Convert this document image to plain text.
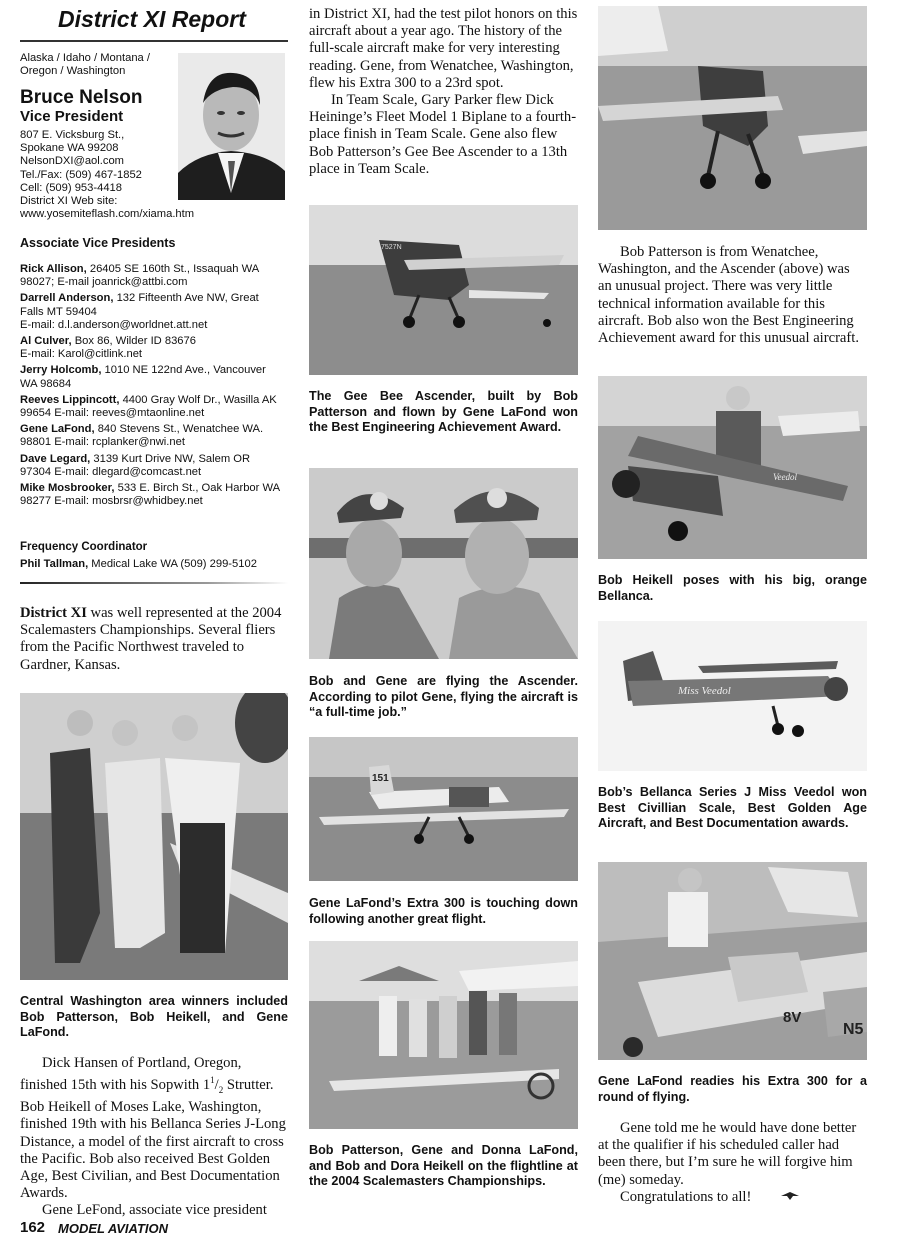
District XI Report
Alaska / Idaho / Montana / Oregon / Washington
Bruce Nelson
Vice President
807 E. Vicksburg St.,
Spokane WA 99208
NelsonDXI@aol.com
Tel./Fax: (509) 467-1852
Cell: (509) 953-4418
District XI Web site:
www.yosemiteflash.com/xiama.htm
Associate Vice Presidents
Rick Allison, 26405 SE 160th St., Issaquah WA 98027; E-mail joanrick@attbi.com
Darrell Anderson, 132 Fifteenth Ave NW, Great Falls MT 59404
E-mail: d.l.anderson@worldnet.att.net
Al Culver, Box 86, Wilder ID 83676
E-mail: Karol@citlink.net
Jerry Holcomb, 1010 NE 122nd Ave., Vancouver WA 98684
Reeves Lippincott, 4400 Gray Wolf Dr., Wasilla AK 99654 E-mail: reeves@mtaonline.net
Gene LaFond, 840 Stevens St., Wenatchee WA. 98801 E-mail: rcplanker@nwi.net
Dave Legard, 3139 Kurt Drive NW, Salem OR 97304 E-mail: dlegard@comcast.net
Mike Mosbrooker, 533 E. Birch St., Oak Harbor WA 98277 E-mail: mosbrsr@whidbey.net
Frequency Coordinator
Phil Tallman, Medical Lake WA (509) 299-5102

District XI was well represented at the 2004 Scalemasters Championships. Several fliers from the Pacific Northwest traveled to Gardner, Kansas.

Central Washington area winners included Bob Patterson, Bob Heikell, and Gene LaFond.

Dick Hansen of Portland, Oregon, finished 15th with his Sopwith $1^1/_2$ Strutter. Bob Heikell of Moses Lake, Washington, finished 19th with his Bellanca Series J-Long Distance, a model of the first aircraft to cross the Pacific. Bob also received Best Golden Age, Best Civilian, and Best Documentation Awards.

Gene LeFond, associate vice president

162 MODEL AVIATION

in District XI, had the test pilot honors on this aircraft about a year ago. The history of the full-scale aircraft make for very interesting reading. Gene, from Wenatchee, Washington, flew his Extra 300 to a 23rd spot.

In Team Scale, Gary Parker flew Dick Heininge’s Fleet Model 1 Biplane to a fourth-place finish in Team Scale. Gene also flew Bob Patterson’s Gee Bee Ascender to a 13th place in Team Scale.

7527N
The Gee Bee Ascender, built by Bob Patterson and flown by Gene LaFond won the Best Engineering Achievement Award.
Bob and Gene are flying the Ascender. According to pilot Gene, flying the aircraft is “a full-time job.”
151
Gene LaFond’s Extra 300 is touching down following another great flight.
Bob Patterson, Gene and Donna LaFond, and Bob and Dora Heikell on the flightline at the 2004 Scalemasters Championships.

Bob Patterson is from Wenatchee, Washington, and the Ascender (above) was an unusual project. There was very little technical information available for this aircraft. Bob also won the Best Engineering Achievement award for this unusual aircraft.

Veedol
Bob Heikell poses with his big, orange Bellanca.
Miss Veedol
Bob’s Bellanca Series J Miss Veedol won Best Civillian Scale, Best Golden Age Aircraft, and Best Documentation awards.
8V
N5
Gene LaFond readies his Extra 300 for a round of flying.

Gene told me he would have done better at the qualifier if his scheduled caller had been there, but I’m sure he will forgive him (me) someday.

Congratulations to all!
